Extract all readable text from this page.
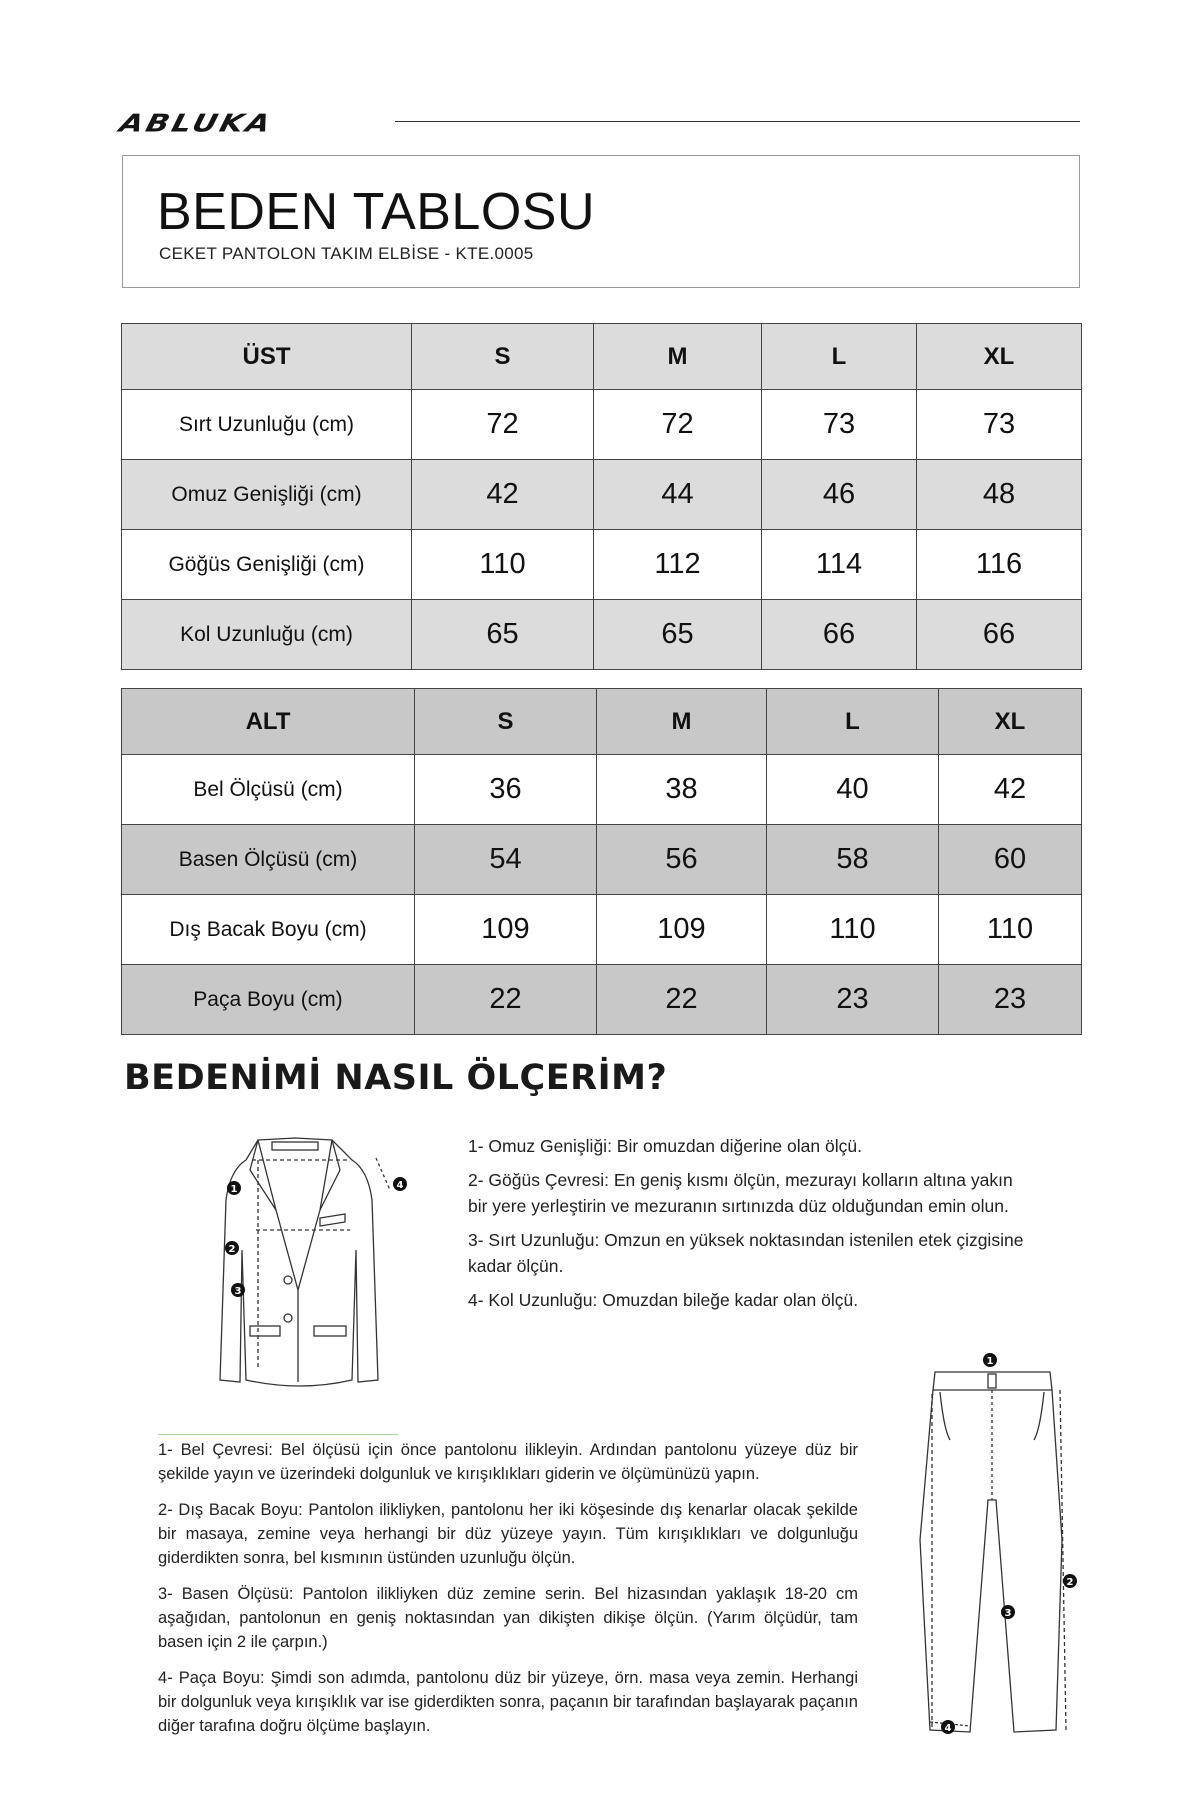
ABLUKA
BEDEN TABLOSU
CEKET PANTOLON TAKIM ELBİSE - KTE.0005
ÜST	S	M	L	XL
Sırt Uzunluğu (cm)	72	72	73	73
Omuz Genişliği (cm)	42	44	46	48
Göğüs Genişliği (cm)	110	112	114	116
Kol Uzunluğu (cm)	65	65	66	66
ALT	S	M	L	XL
Bel Ölçüsü (cm)	36	38	40	42
Basen Ölçüsü (cm)	54	56	58	60
Dış Bacak Boyu (cm)	109	109	110	110
Paça Boyu (cm)	22	22	23	23
BEDENİMİ NASIL ÖLÇERİM?
1
2
3
4

1- Omuz Genişliği: Bir omuzdan diğerine olan ölçü.

2- Göğüs Çevresi: En geniş kısmı ölçün, mezurayı kolların altına yakın bir yere yerleştirin ve mezuranın sırtınızda düz olduğundan emin olun.

3- Sırt Uzunluğu: Omzun en yüksek noktasından istenilen etek çizgisine kadar ölçün.

4- Kol Uzunluğu: Omuzdan bileğe kadar olan ölçü.

1- Bel Çevresi: Bel ölçüsü için önce pantolonu ilikleyin. Ardından pantolonu yüzeye düz bir şekilde yayın ve üzerindeki dolgunluk ve kırışıklıkları giderin ve ölçümünüzü yapın.

2- Dış Bacak Boyu: Pantolon ilikliyken, pantolonu her iki köşesinde dış kenarlar olacak şekilde bir masaya, zemine veya herhangi bir düz yüzeye yayın. Tüm kırışıklıkları ve dolgunluğu giderdikten sonra, bel kısmının üstünden uzunluğu ölçün.

3- Basen Ölçüsü: Pantolon ilikliyken düz zemine serin. Bel hizasından yaklaşık 18-20 cm aşağıdan, pantolonun en geniş noktasından yan dikişten dikişe ölçün. (Yarım ölçüdür, tam basen için 2 ile çarpın.)

4- Paça Boyu: Şimdi son adımda, pantolonu düz bir yüzeye, örn. masa veya zemin. Herhangi bir dolgunluk veya kırışıklık var ise giderdikten sonra, paçanın bir tarafından başlayarak paçanın diğer tarafına doğru ölçüme başlayın.

1
2
3
4
